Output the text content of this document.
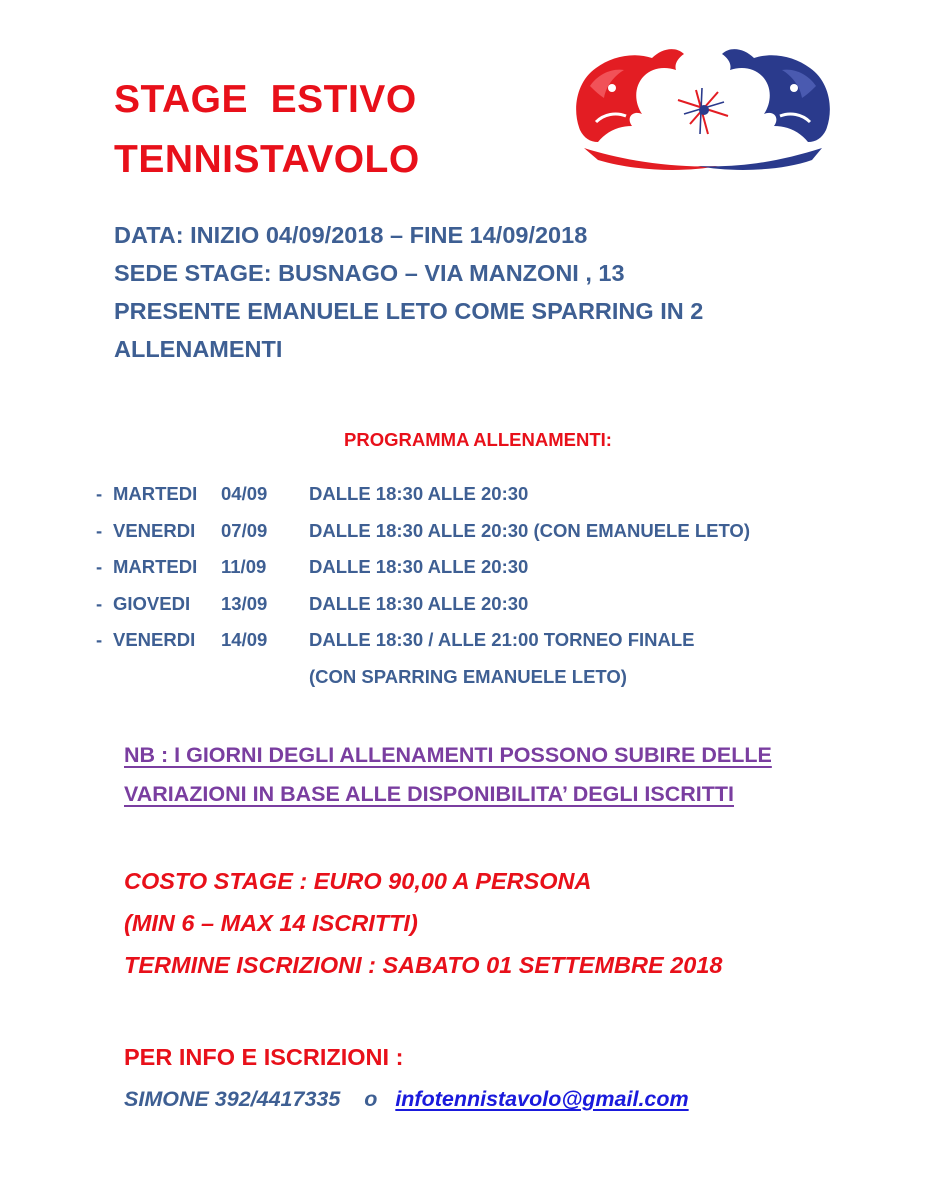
STAGE  ESTIVO
TENNISTAVOLO
DATA: INIZIO 04/09/2018 – FINE 14/09/2018
SEDE STAGE: BUSNAGO – VIA MANZONI , 13
PRESENTE EMANUELE LETO COME SPARRING IN 2
ALLENAMENTI
PROGRAMMA ALLENAMENTI:
- MARTEDI	04/09	DALLE 18:30 ALLE 20:30
- VENERDI	07/09	DALLE 18:30 ALLE 20:30 (CON EMANUELE LETO)
- MARTEDI	11/09	DALLE 18:30 ALLE 20:30
- GIOVEDI	13/09	DALLE 18:30 ALLE 20:30
- VENERDI	14/09	DALLE 18:30 / ALLE 21:00 TORNEO FINALE
(CON SPARRING EMANUELE LETO)
NB : I GIORNI DEGLI ALLENAMENTI POSSONO SUBIRE DELLE
VARIAZIONI IN BASE ALLE DISPONIBILITA’ DEGLI ISCRITTI
COSTO STAGE : EURO 90,00 A PERSONA
(MIN 6 – MAX 14 ISCRITTI)
TERMINE ISCRIZIONI : SABATO 01 SETTEMBRE 2018
PER INFO E ISCRIZIONI :
SIMONE 392/4417335 o infotennistavolo@gmail.com
